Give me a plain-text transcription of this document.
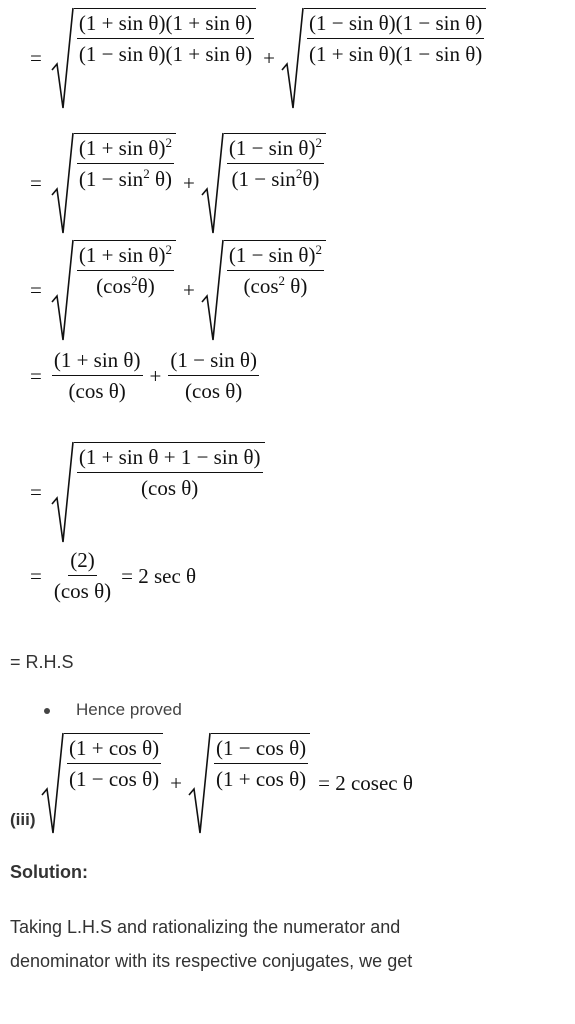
= $\frac{\text{(1 + sin θ)(1 + sin θ)}}{\text{(1 − sin θ)(1 + sin θ)}} + \frac{\text{(1 − sin θ)(1 − sin θ)}}{\text{(1 + sin θ)(1 − sin θ)}}$
= $\frac{(1 + \sin \theta)^2}{(1 - \sin^2 \theta)} + \frac{(1 - \sin \theta)^2}{(1 - \sin^2\theta)}$
= $\frac{(1 + \sin \theta)^2}{(\cos^2\theta)} + \frac{(1 - \sin \theta)^2}{(\cos^2 \theta)}$
= $\frac{\text{(1 + sin θ)}}{\text{(cos θ)}} + \frac{\text{(1 − sin θ)}}{\text{(cos θ)}}$
= $\frac{\text{(1 + sin θ + 1 − sin θ)}}{\text{(cos θ)}}$
= $\frac{(2)}{\text{(cos θ)}} = 2$ sec θ
= R.H.S
Hence proved
(iii)
$\frac{\text{(1 + cos θ)}}{\text{(1 − cos θ)}} + \frac{\text{(1 − cos θ)}}{\text{(1 + cos θ)}} = 2$ cosec θ
Solution:
Taking L.H.S and rationalizing the numerator and
denominator with its respective conjugates, we get
